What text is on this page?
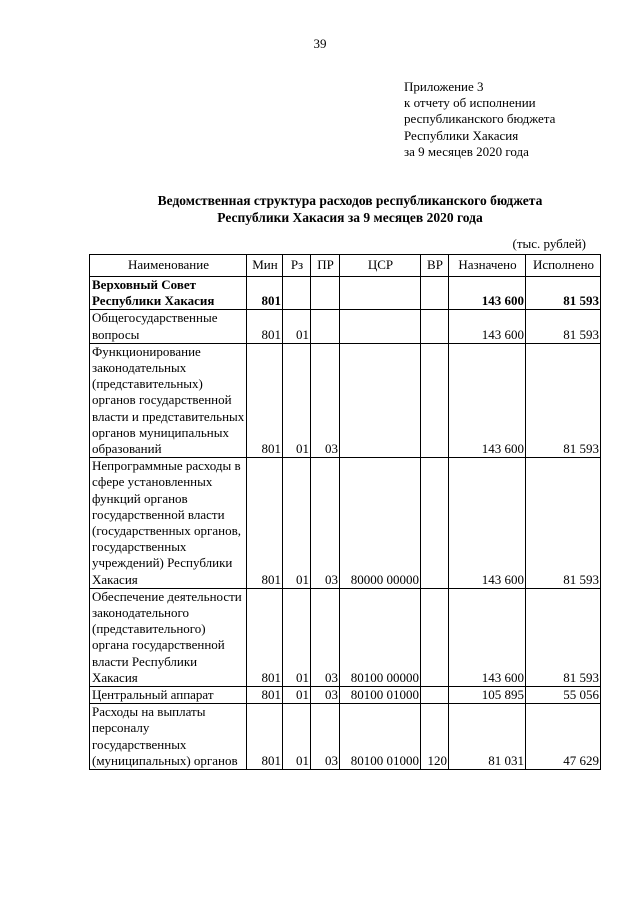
39
Приложение 3
к отчету об исполнении
республиканского бюджета
Республики Хакасия
за 9 месяцев 2020 года
Ведомственная структура расходов республиканского бюджета
Республики Хакасия за 9 месяцев 2020 года
(тыс. рублей)
Наименование	Мин	Рз	ПР	ЦСР	ВР	Назначено	Исполнено
Верховный Совет Республики Хакасия	801					143 600	81 593
Общегосударственные вопросы	801	01				143 600	81 593
Функционирование законодательных (представительных) органов государственной власти и представительных органов муниципальных образований	801	01	03			143 600	81 593
Непрограммные расходы в сфере установленных функций органов государственной власти (государственных органов, государственных учреждений) Республики Хакасия	801	01	03	80000 00000		143 600	81 593
Обеспечение деятельности законодательного (представительного) органа государственной власти Республики Хакасия	801	01	03	80100 00000		143 600	81 593
Центральный аппарат	801	01	03	80100 01000		105 895	55 056
Расходы на выплаты персоналу государственных (муниципальных) органов	801	01	03	80100 01000	120	81 031	47 629
